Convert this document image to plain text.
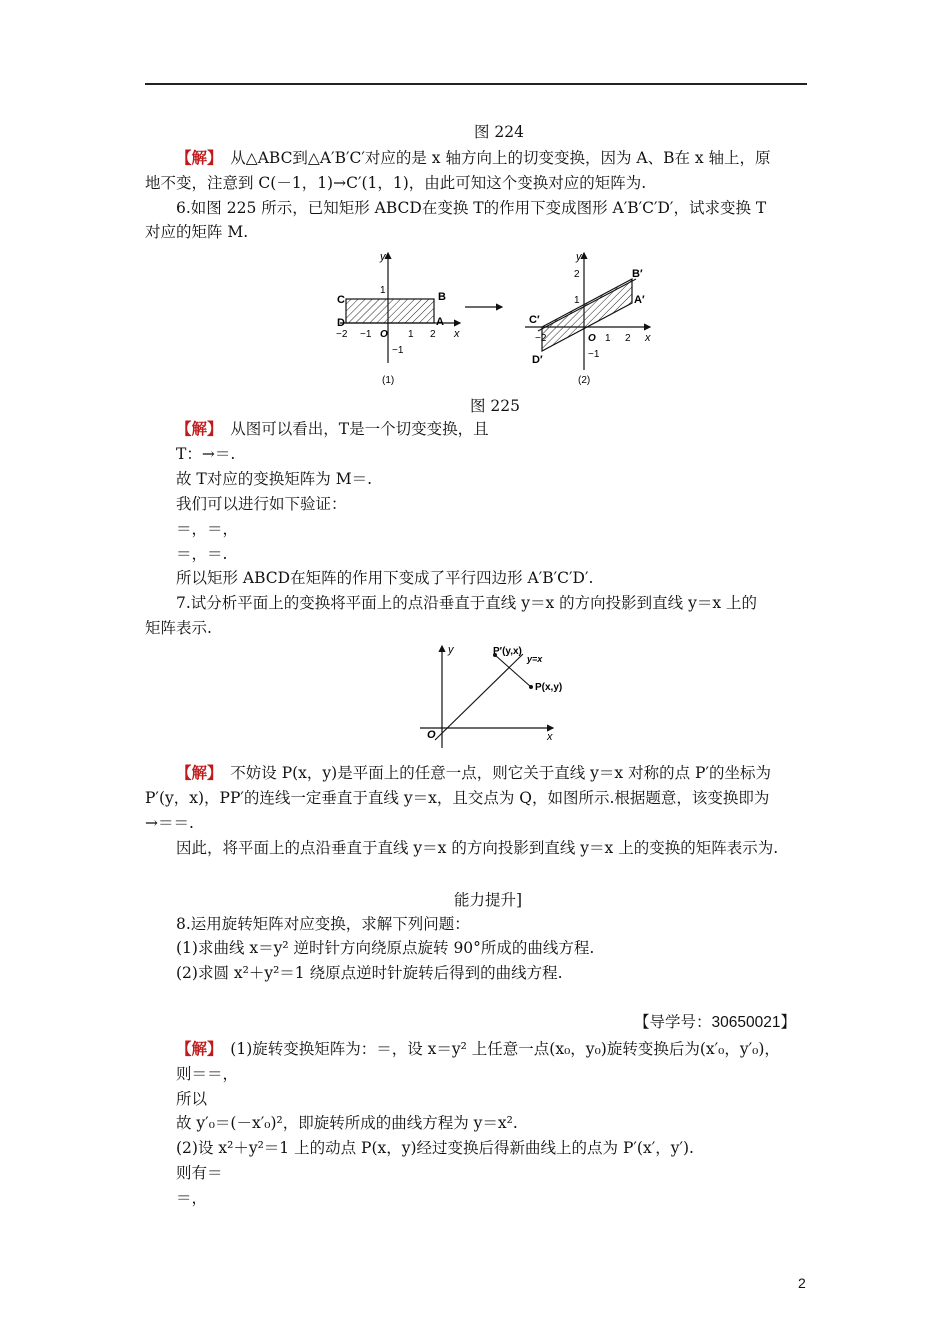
图 224
【解】　 从△ABC到△A′B′C′对应的是 x 轴方向上的切变变换，因为 A、B在 x 轴上，原
地不变，注意到 C(－1，1)→C′(1，1)，由此可知这个变换对应的矩阵为.
6.如图 225 所示，已知矩形 ABCD在变换 T的作用下变成图形 A′B′C′D′，试求变换 T
对应的矩阵 M.
y
x
C
D
B
A
1
−1
−2 −1 O 1 2
(1)
y
x
B′
A′
C′
D′
2
1
−1
−2	O 1 2
(2)
图 225
【解】　 从图可以看出，T是一个切变变换，且
T：→＝.
故 T对应的变换矩阵为 M＝.
我们可以进行如下验证：
＝，＝，
＝，＝.
所以矩形 ABCD在矩阵的作用下变成了平行四边形 A′B′C′D′.
7.试分析平面上的变换将平面上的点沿垂直于直线 y＝x 的方向投影到直线 y＝x 上的
矩阵表示.
y
x
O
P′(y,x)
y=x
P(x,y)
【解】　 不妨设 P(x，y)是平面上的任意一点，则它关于直线 y＝x 对称的点 P′的坐标为
P′(y，x)，PP′的连线一定垂直于直线 y＝x，且交点为 Q，如图所示.根据题意，该变换即为
→＝＝.
因此，将平面上的点沿垂直于直线 y＝x 的方向投影到直线 y＝x 上的变换的矩阵表示为.
能力提升]
8.运用旋转矩阵对应变换，求解下列问题：
(1)求曲线 x＝y² 逆时针方向绕原点旋转 90°所成的曲线方程.
(2)求圆 x²＋y²＝1 绕原点逆时针旋转后得到的曲线方程.
【导学号：30650021】
【解】　 (1)旋转变换矩阵为：＝，设 x＝y² 上任意一点(x₀，y₀)旋转变换后为(x′₀，y′₀)，
则＝＝，
所以
故 y′₀＝(－x′₀)²，即旋转所成的曲线方程为 y＝x².
(2)设 x²＋y²＝1 上的动点 P(x，y)经过变换后得新曲线上的点为 P′(x′，y′).
则有＝
＝，
2
